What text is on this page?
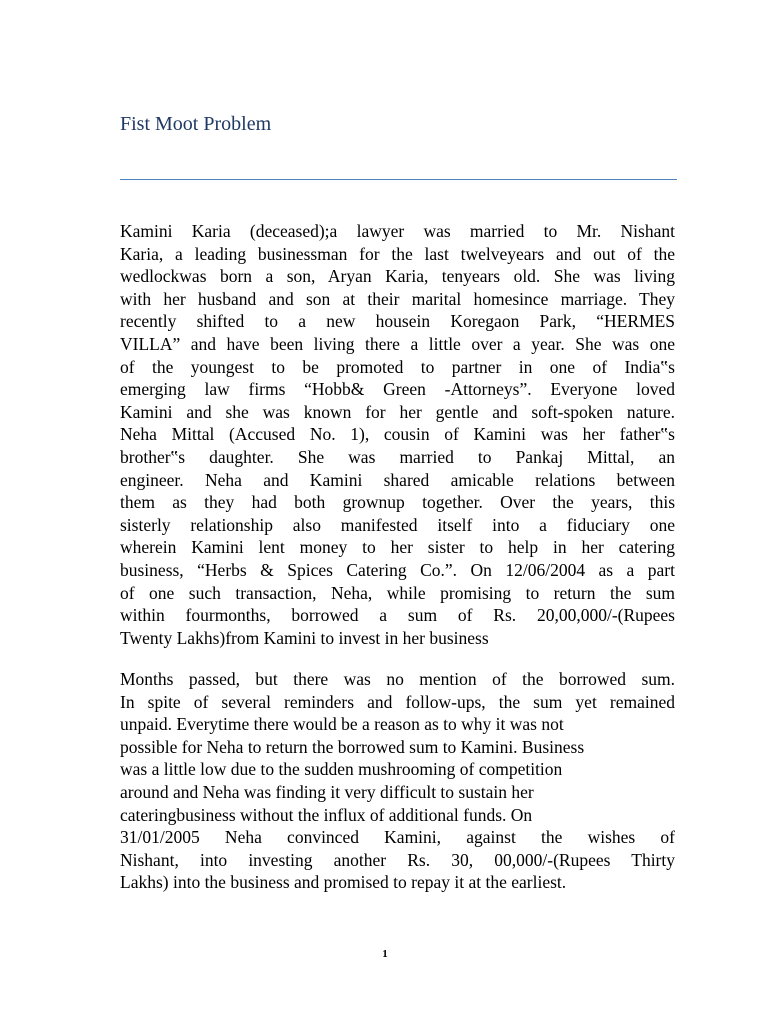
Fist Moot Problem
Kamini Karia (deceased);a lawyer was married to Mr. Nishant
Karia, a leading businessman for the last twelveyears and out of the
wedlockwas born a son, Aryan Karia, tenyears old. She was living
with her husband and son at their marital homesince marriage. They
recently shifted to a new housein Koregaon Park, “HERMES
VILLA” and have been living there a little over a year. She was one
of the youngest to be promoted to partner in one of India‟s
emerging law firms “Hobb& Green -Attorneys”. Everyone loved
Kamini and she was known for her gentle and soft-spoken nature.
Neha Mittal (Accused No. 1), cousin of Kamini was her father‟s
brother‟s daughter. She was married to Pankaj Mittal, an
engineer. Neha and Kamini shared amicable relations between
them as they had both grownup together. Over the years, this
sisterly relationship also manifested itself into a fiduciary one
wherein Kamini lent money to her sister to help in her catering
business, “Herbs & Spices Catering Co.”. On 12/06/2004 as a part
of one such transaction, Neha, while promising to return the sum
within fourmonths, borrowed a sum of Rs. 20,00,000/-(Rupees
Twenty Lakhs)from Kamini to invest in her business
Months passed, but there was no mention of the borrowed sum.
In spite of several reminders and follow-ups, the sum yet remained
unpaid. Everytime there would be a reason as to why it was not
possible for Neha to return the borrowed sum to Kamini. Business
was a little low due to the sudden mushrooming of competition
around and Neha was finding it very difficult to sustain her
cateringbusiness without the influx of additional funds. On
31/01/2005 Neha convinced Kamini, against the wishes of
Nishant, into investing another Rs. 30, 00,000/-(Rupees Thirty
Lakhs) into the business and promised to repay it at the earliest.
1
